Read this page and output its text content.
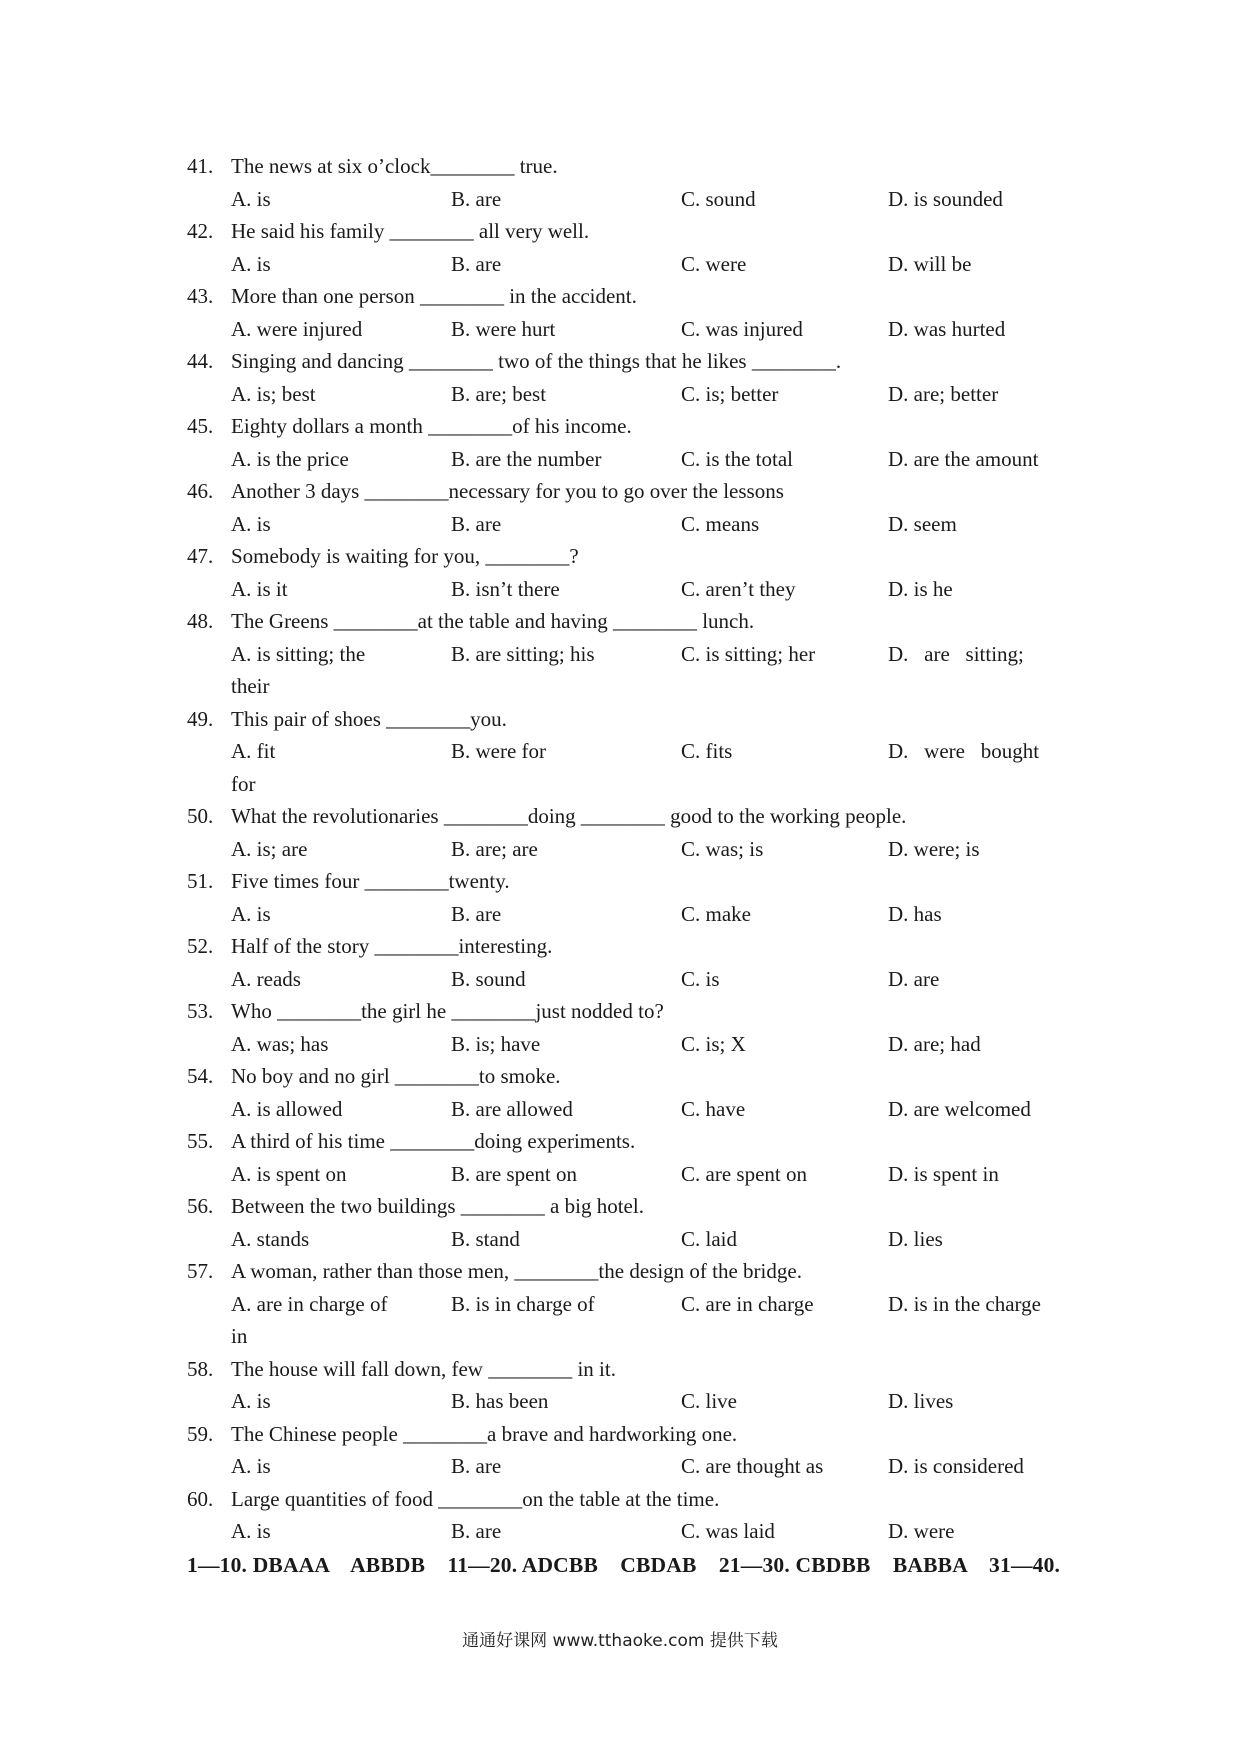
41. The news at six o’clock________ true.
A. is	B. are	C. sound	D. is sounded
42. He said his family ________ all very well.
A. is	B. are	C. were	D. will be
43. More than one person ________ in the accident.
A. were injured	B. were hurt	C. was injured	D. was hurted
44. Singing and dancing ________ two of the things that he likes ________.
A. is; best	B. are; best	C. is; better	D. are; better
45. Eighty dollars a month ________of his income.
A. is the price	B. are the number	C. is the total	D. are the amount
46. Another 3 days ________necessary for you to go over the lessons
A. is	B. are	C. means	D. seem
47. Somebody is waiting for you, ________?
A. is it	B. isn’t there	C. aren’t they	D. is he
48. The Greens ________at the table and having ________ lunch.
A. is sitting; the	B. are sitting; his	C. is sitting; her	D.   are   sitting;
their
49. This pair of shoes ________you.
A. fit	B. were for	C. fits	D.   were   bought
for
50. What the revolutionaries ________doing ________ good to the working people.
A. is; are	B. are; are	C. was; is	D. were; is
51. Five times four ________twenty.
A. is	B. are	C. make	D. has
52. Half of the story ________interesting.
A. reads	B. sound	C. is	D. are
53. Who ________the girl he ________just nodded to?
A. was; has	B. is; have	C. is; X	D. are; had
54. No boy and no girl ________to smoke.
A. is allowed	B. are allowed	C. have	D. are welcomed
55. A third of his time ________doing experiments.
A. is spent on	B. are spent on	C. are spent on	D. is spent in
56. Between the two buildings ________ a big hotel.
A. stands	B. stand	C. laid	D. lies
57. A woman, rather than those men, ________the design of the bridge.
A. are in charge of	B. is in charge of	C. are in charge	D. is in the charge
in
58. The house will fall down, few ________ in it.
A. is	B. has been	C. live	D. lives
59. The Chinese people ________a brave and hardworking one.
A. is	B. are	C. are thought as	D. is considered
60. Large quantities of food ________on the table at the time.
A. is	B. are	C. was laid	D. were
1—10. DBAAA    ABBDB    11—20. ADCBB    CBDAB    21—30. CBDBB    BABBA    31—40.
通通好课网 www.tthaoke.com 提供下载
